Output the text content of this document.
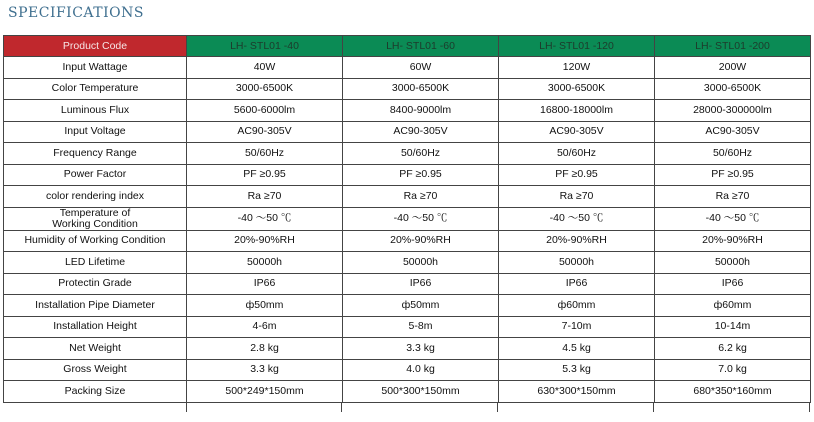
SPECIFICATIONS
Product Code	LH- STL01 -40	LH- STL01 -60	LH- STL01 -120	LH- STL01 -200
Input Wattage	40W	60W	120W	200W
Color Temperature	3000-6500K	3000-6500K	3000-6500K	3000-6500K
Luminous Flux	5600-6000lm	8400-9000lm	16800-18000lm	28000-300000lm
Input Voltage	AC90-305V	AC90-305V	AC90-305V	AC90-305V
Frequency Range	50/60Hz	50/60Hz	50/60Hz	50/60Hz
Power Factor	PF ≥0.95	PF ≥0.95	PF ≥0.95	PF ≥0.95
color rendering index	Ra ≥70	Ra ≥70	Ra ≥70	Ra ≥70
Temperature of
Working Condition	-40 ～50 ℃	-40 ～50 ℃	-40 ～50 ℃	-40 ～50 ℃
Humidity of Working Condition	20%-90%RH	20%-90%RH	20%-90%RH	20%-90%RH
LED Lifetime	50000h	50000h	50000h	50000h
Protectin Grade	IP66	IP66	IP66	IP66
Installation Pipe Diameter	ф50mm	ф50mm	ф60mm	ф60mm
Installation Height	4-6m	5-8m	7-10m	10-14m
Net Weight	2.8 kg	3.3 kg	4.5 kg	6.2 kg
Gross Weight	3.3 kg	4.0 kg	5.3 kg	7.0 kg
Packing Size	500*249*150mm	500*300*150mm	630*300*150mm	680*350*160mm
